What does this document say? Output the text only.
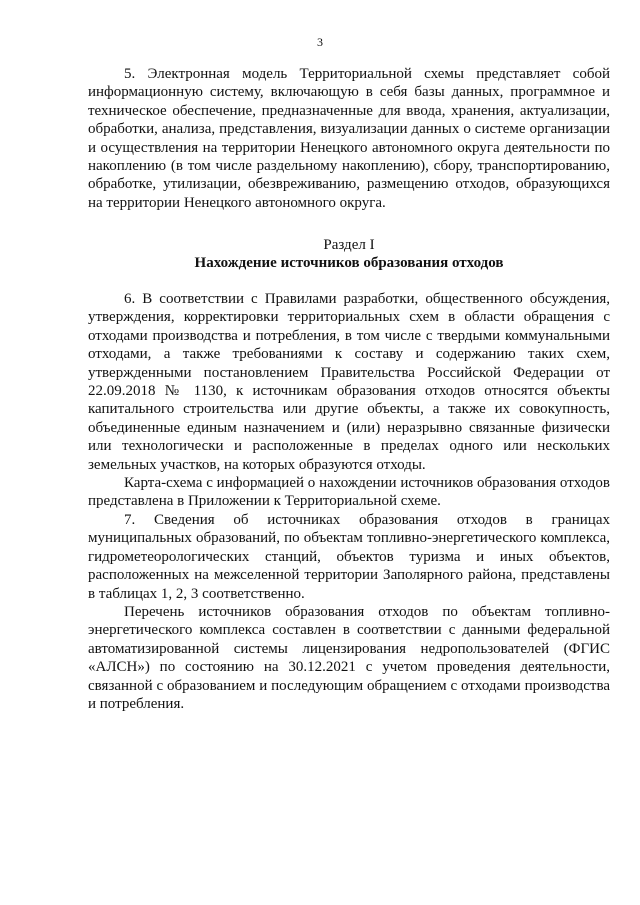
3

5. Электронная модель Территориальной схемы представляет собой информационную систему, включающую в себя базы данных, программное и техническое обеспечение, предназначенные для ввода, хранения, актуализации, обработки, анализа, представления, визуализации данных о системе организации и осуществления на территории Ненецкого автономного округа деятельности по накоплению (в том числе раздельному накоплению), сбору, транспортированию, обработке, утилизации, обезвреживанию, размещению отходов, образующихся на территории Ненецкого автономного округа.

Раздел I
Нахождение источников образования отходов

6. В соответствии с Правилами разработки, общественного обсуждения, утверждения, корректировки территориальных схем в области обращения с отходами производства и потребления, в том числе с твердыми коммунальными отходами, а также требованиями к составу и содержанию таких схем, утвержденными постановлением Правительства Российской Федерации от 22.09.2018 № 1130, к источникам образования отходов относятся объекты капитального строительства или другие объекты, а также их совокупность, объединенные единым назначением и (или) неразрывно связанные физически или технологически и расположенные в пределах одного или нескольких земельных участков, на которых образуются отходы.

Карта-схема с информацией о нахождении источников образования отходов представлена в Приложении к Территориальной схеме.

7. Сведения об источниках образования отходов в границах муниципальных образований, по объектам топливно-энергетического комплекса, гидрометеорологических станций, объектов туризма и иных объектов, расположенных на межселенной территории Заполярного района, представлены в таблицах 1, 2, 3 соответственно.

Перечень источников образования отходов по объектам топливно-энергетического комплекса составлен в соответствии с данными федеральной автоматизированной системы лицензирования недропользователей (ФГИС «АЛСН») по состоянию на 30.12.2021 с учетом проведения деятельности, связанной с образованием и последующим обращением с отходами производства и потребления.
